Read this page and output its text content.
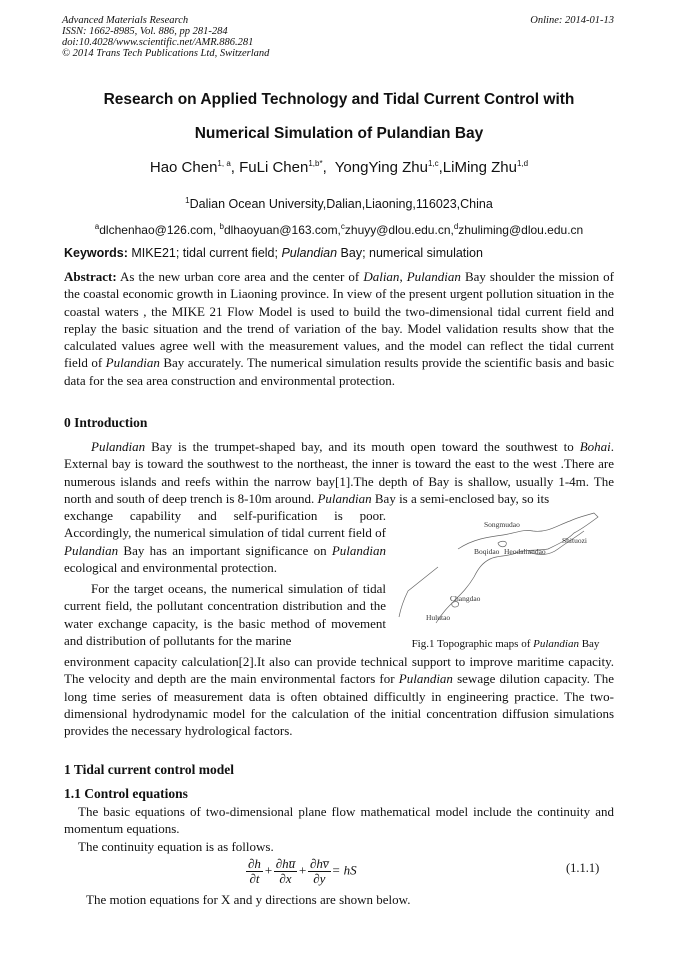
Advanced Materials Research
ISSN: 1662-8985, Vol. 886, pp 281-284
doi:10.4028/www.scientific.net/AMR.886.281
© 2014 Trans Tech Publications Ltd, Switzerland
Online: 2014-01-13
Research on Applied Technology and Tidal Current Control with
Numerical Simulation of Pulandian Bay
Hao Chen$^{1, a}$, FuLi Chen$^{1,b*}$,  YongYing Zhu$^{1,c}$,LiMing Zhu$^{1,d}$
$^1$Dalian Ocean University,Dalian,Liaoning,116023,China
$^a$dlchenhao@126.com, $^b$dlhaoyuan@163.com,$^c$zhuyy@dlou.edu.cn,$^d$zhuliming@dlou.edu.cn
Keywords: MIKE21; tidal current field; Pulandian Bay; numerical simulation
Abstract: As the new urban core area and the center of Dalian, Pulandian Bay shoulder the mission of the coastal economic growth in Liaoning province. In view of the present urgent pollution situation in the coastal waters , the MIKE 21 Flow Model is used to build the two-dimensional tidal current field and replay the basic situation and the trend of variation of the bay. Model validation results show that the calculated values agree well with the measurement values, and the model can reflect the tidal current field of Pulandian Bay accurately. The numerical simulation results provide the scientific basis and basic data for the sea area construction and environmental protection.
0 Introduction
Pulandian Bay is the trumpet-shaped bay, and its mouth open toward the southwest to Bohai. External bay is toward the southwest to the northeast, the inner is toward the east to the west .There are numerous islands and reefs within the narrow bay[1].The depth of Bay is shallow, usually 1-4m. The north and south of deep trench is 8-10m around. Pulandian Bay is a semi-enclosed bay, so its
exchange capability and self-purification is poor. Accordingly, the numerical simulation of tidal current field of Pulandian Bay has an important significance on Pulandian ecological and environmental protection.
For the target oceans, the numerical simulation of tidal current field, the pollutant concentration distribution and the water exchange capacity, is the basic method of movement and distribution of pollutants for the marine
environment capacity calculation[2].It also can provide technical support to improve maritime capacity. The velocity and depth are the main environmental factors for Pulandian sewage dilution capacity. The long time series of measurement data is often obtained difficultly in engineering practice. The two-dimensional hydrodynamic model for the calculation of the initial concentration diffusion simulations provides the necessary hydrological factors.
Songmudao
Shituozi
Boqidao Heodaliandao
Changdao
Hulutao
Fig.1 Topographic maps of Pulandian Bay
1 Tidal current control model
1.1 Control equations
The basic equations of two-dimensional plane flow mathematical model include the continuity and momentum equations.
The continuity equation is as follows.
$\frac{\partial h}{\partial t} + \frac{\partial hu̅}{\partial x} + \frac{\partial hv̅}{\partial y}$ = hS	(1.1.1)
The motion equations for X and y directions are shown below.
